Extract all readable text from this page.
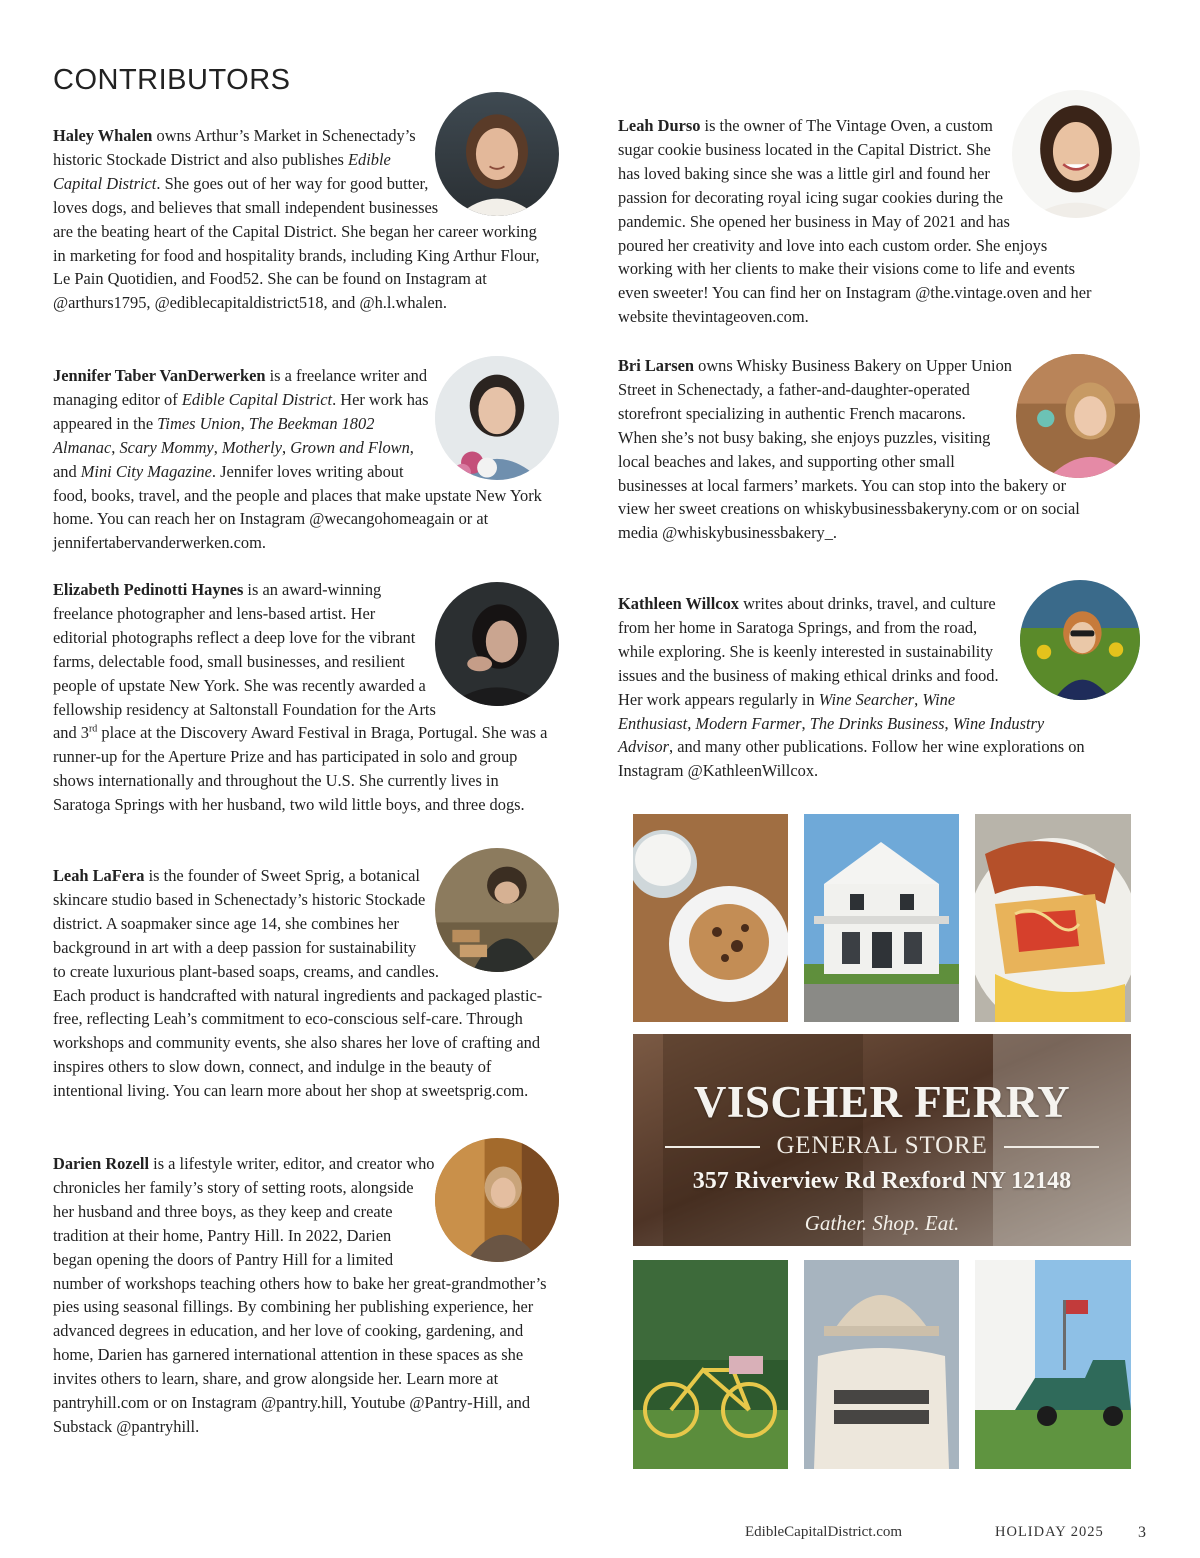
CONTRIBUTORS

Haley Whalen owns Arthur’s Market in Schenectady’s historic Stockade District and also publishes Edible Capital District. She goes out of her way for good butter, loves dogs, and believes that small independent businesses are the beating heart of the Capital District. She began her career working in marketing for food and hospitality brands, including King Arthur Flour, Le Pain Quotidien, and Food52. She can be found on Instagram at @arthurs1795, @ediblecapitaldistrict518, and @h.l.whalen.

Jennifer Taber VanDerwerken is a freelance writer and managing editor of Edible Capital District. Her work has appeared in the Times Union, The Beekman 1802 Almanac, Scary Mommy, Motherly, Grown and Flown, and Mini City Magazine. Jennifer loves writing about food, books, travel, and the people and places that make upstate New York home. You can reach her on Instagram @wecangohomeagain or at jennifertabervanderwerken.com.

Elizabeth Pedinotti Haynes is an award-winning freelance photographer and lens-based artist. Her editorial photographs reflect a deep love for the vibrant farms, delectable food, small businesses, and resilient people of upstate New York. She was recently awarded a fellowship residency at Saltonstall Foundation for the Arts and 3rd place at the Discovery Award Festival in Braga, Portugal. She was a runner-up for the Aperture Prize and has participated in solo and group shows internationally and throughout the U.S. She currently lives in Saratoga Springs with her husband, two wild little boys, and three dogs.

Leah LaFera is the founder of Sweet Sprig, a botanical skincare studio based in Schenectady’s historic Stockade district. A soapmaker since age 14, she combines her background in art with a deep passion for sustainability to create luxurious plant-based soaps, creams, and candles. Each product is handcrafted with natural ingredients and packaged plastic-free, reflecting Leah’s commitment to eco-conscious self-care. Through workshops and community events, she also shares her love of crafting and inspires others to slow down, connect, and indulge in the beauty of intentional living. You can learn more about her shop at sweetsprig.com.

Darien Rozell is a lifestyle writer, editor, and creator who chronicles her family’s story of setting roots, alongside her husband and three boys, as they keep and create tradition at their home, Pantry Hill. In 2022, Darien began opening the doors of Pantry Hill for a limited number of workshops teaching others how to bake her great-grandmother’s pies using seasonal fillings. By combining her publishing experience, her advanced degrees in education, and her love of cooking, gardening, and home, Darien has garnered international attention in these spaces as she invites others to learn, share, and grow alongside her. Learn more at pantryhill.com or on Instagram @pantry.hill, Youtube @Pantry-Hill, and Substack @pantryhill.

Leah Durso is the owner of The Vintage Oven, a custom sugar cookie business located in the Capital District. She has loved baking since she was a little girl and found her passion for decorating royal icing sugar cookies during the pandemic. She opened her business in May of 2021 and has poured her creativity and love into each custom order. She enjoys working with her clients to make their visions come to life and events even sweeter! You can find her on Instagram @the.vintage.oven and her website thevintageoven.com.

Bri Larsen owns Whisky Business Bakery on Upper Union Street in Schenectady, a father-and-daughter-operated storefront specializing in authentic French macarons. When she’s not busy baking, she enjoys puzzles, visiting local beaches and lakes, and supporting other small businesses at local farmers’ markets. You can stop into the bakery or view her sweet creations on whiskybusinessbakeryny.com or on social media @whiskybusinessbakery_.

Kathleen Willcox writes about drinks, travel, and culture from her home in Saratoga Springs, and from the road, while exploring. She is keenly interested in sustainability issues and the business of making ethical drinks and food. Her work appears regularly in Wine Searcher, Wine Enthusiast, Modern Farmer, The Drinks Business, Wine Industry Advisor, and many other publications. Follow her wine explorations on Instagram @KathleenWillcox.

VISCHER FERRY
GENERAL STORE
357 Riverview Rd Rexford NY 12148
Gather. Shop. Eat.
EdibleCapitalDistrict.com	HOLIDAY 2025 3
